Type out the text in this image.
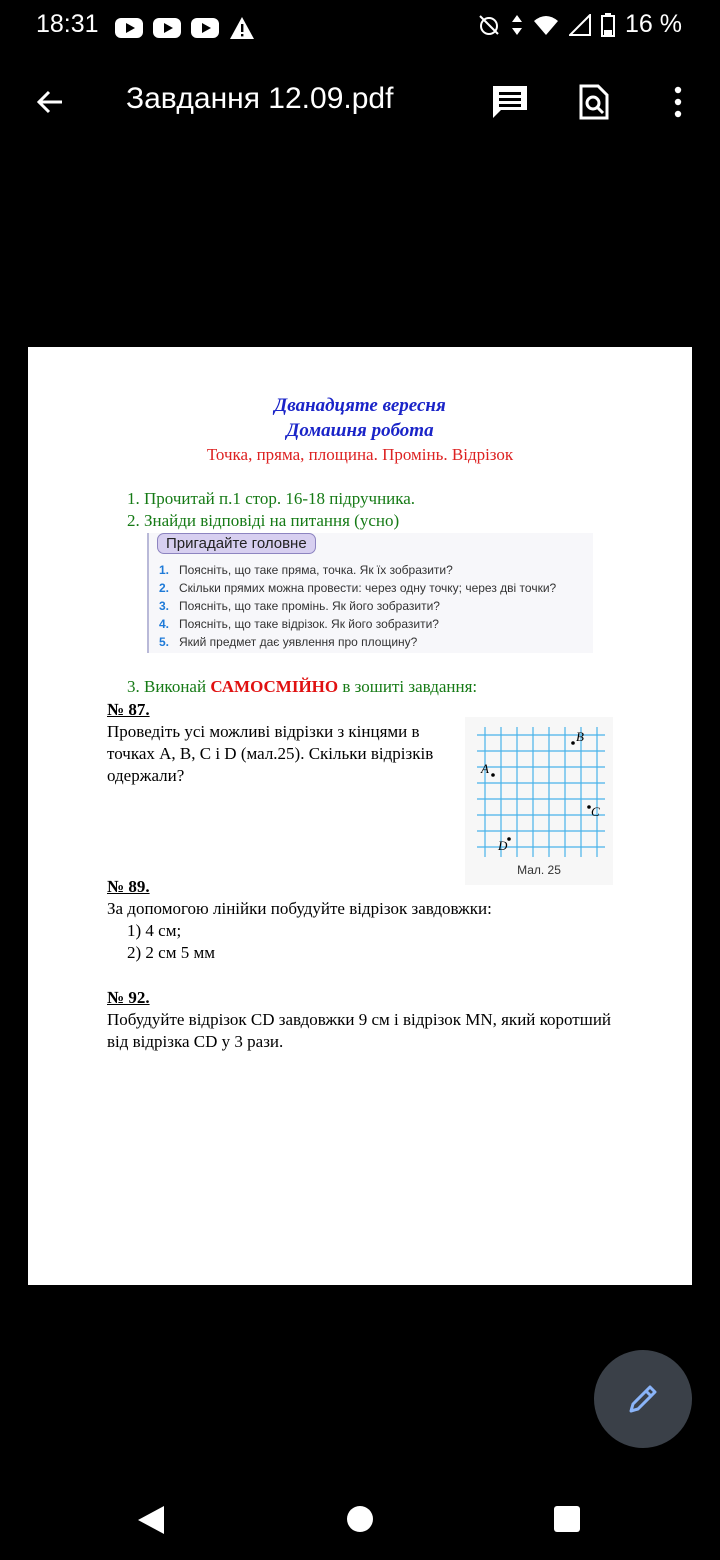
18:31	16 %
Завдання 12.09.pdf
Дванадцяте вересня
Домашня робота
Точка, пряма, площина. Промінь. Відрізок
1. Прочитай п.1 стор. 16-18 підручника.
2. Знайди відповіді на питання (усно)
Пригадайте головне
1. Поясніть, що таке пряма, точка. Як їх зобразити?
2. Скільки прямих можна провести: через одну точку; через дві точки?
3. Поясніть, що таке промінь. Як його зобразити?
4. Поясніть, що таке відрізок. Як його зобразити?
5. Який предмет дає уявлення про площину?
3. Виконай САМОСМІЙНО в зошиті завдання:
№ 87.
Проведіть усі можливі відрізки з кінцями в
точках A, B, C і D (мал.25). Скільки відрізків
одержали?
B
A
C
D
Мал. 25
№ 89.
За допомогою лінійки побудуйте відрізок завдовжки:
1) 4 см;
2) 2 см 5 мм
№ 92.
Побудуйте відрізок CD завдовжки 9 см і відрізок MN, який коротший
від відрізка CD у 3 рази.
